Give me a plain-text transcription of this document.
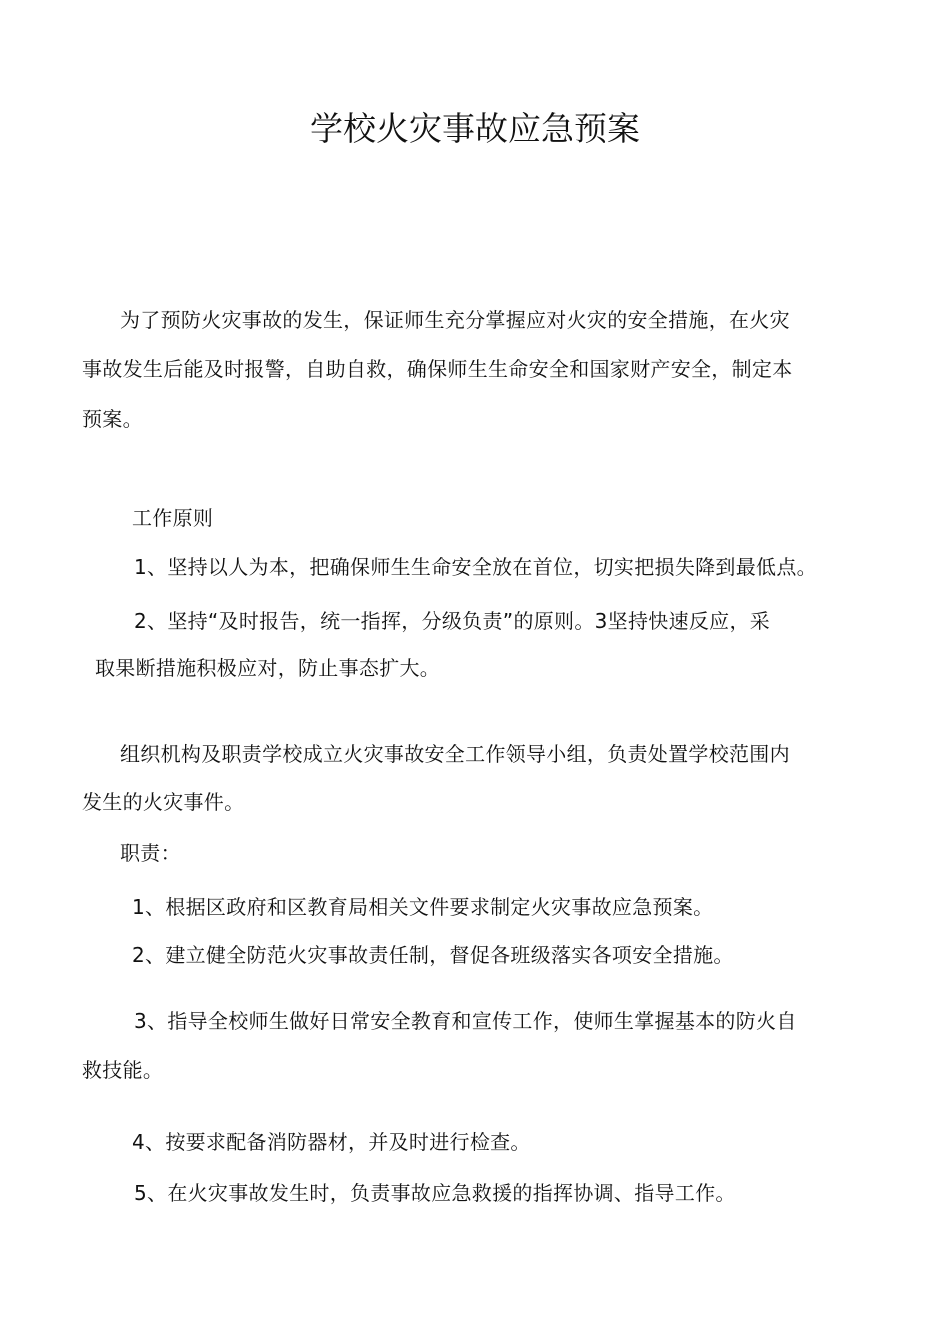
学校火灾事故应急预案

为了预防火灾事故的发生，保证师生充分掌握应对火灾的安全措施，在火灾

事故发生后能及时报警，自助自救，确保师生生命安全和国家财产安全，制定本

预案。

工作原则

1、坚持以人为本，把确保师生生命安全放在首位，切实把损失降到最低点。

2、坚持“及时报告，统一指挥，分级负责”的原则。3坚持快速反应，采

取果断措施积极应对，防止事态扩大。

组织机构及职责学校成立火灾事故安全工作领导小组，负责处置学校范围内

发生的火灾事件。

职责：

1、根据区政府和区教育局相关文件要求制定火灾事故应急预案。

2、建立健全防范火灾事故责任制，督促各班级落实各项安全措施。

3、指导全校师生做好日常安全教育和宣传工作，使师生掌握基本的防火自

救技能。

4、按要求配备消防器材，并及时进行检查。

5、在火灾事故发生时，负责事故应急救援的指挥协调、指导工作。
